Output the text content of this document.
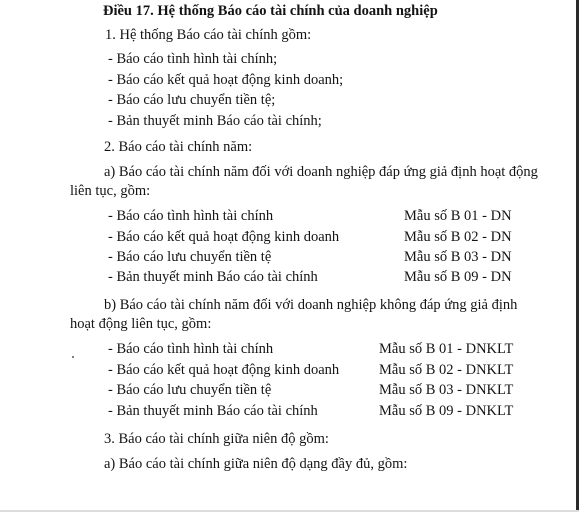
Điều 17. Hệ thống Báo cáo tài chính của doanh nghiệp
1. Hệ thống Báo cáo tài chính gồm:
- Báo cáo tình hình tài chính;
- Báo cáo kết quả hoạt động kinh doanh;
- Báo cáo lưu chuyển tiền tệ;
- Bản thuyết minh Báo cáo tài chính;
2. Báo cáo tài chính năm:
a) Báo cáo tài chính năm đối với doanh nghiệp đáp ứng giả định hoạt động
liên tục, gồm:
- Báo cáo tình hình tài chính	Mẫu số B 01 - DN
- Báo cáo kết quả hoạt động kinh doanh	Mẫu số B 02 - DN
- Báo cáo lưu chuyển tiền tệ	Mẫu số B 03 - DN
- Bản thuyết minh Báo cáo tài chính	Mẫu số B 09 - DN
b) Báo cáo tài chính năm đối với doanh nghiệp không đáp ứng giả định
hoạt động liên tục, gồm:
- Báo cáo tình hình tài chính	Mẫu số B 01 - DNKLT
- Báo cáo kết quả hoạt động kinh doanh	Mẫu số B 02 - DNKLT
- Báo cáo lưu chuyển tiền tệ	Mẫu số B 03 - DNKLT
- Bản thuyết minh Báo cáo tài chính	Mẫu số B 09 - DNKLT
3. Báo cáo tài chính giữa niên độ gồm:
a) Báo cáo tài chính giữa niên độ dạng đầy đủ, gồm:
